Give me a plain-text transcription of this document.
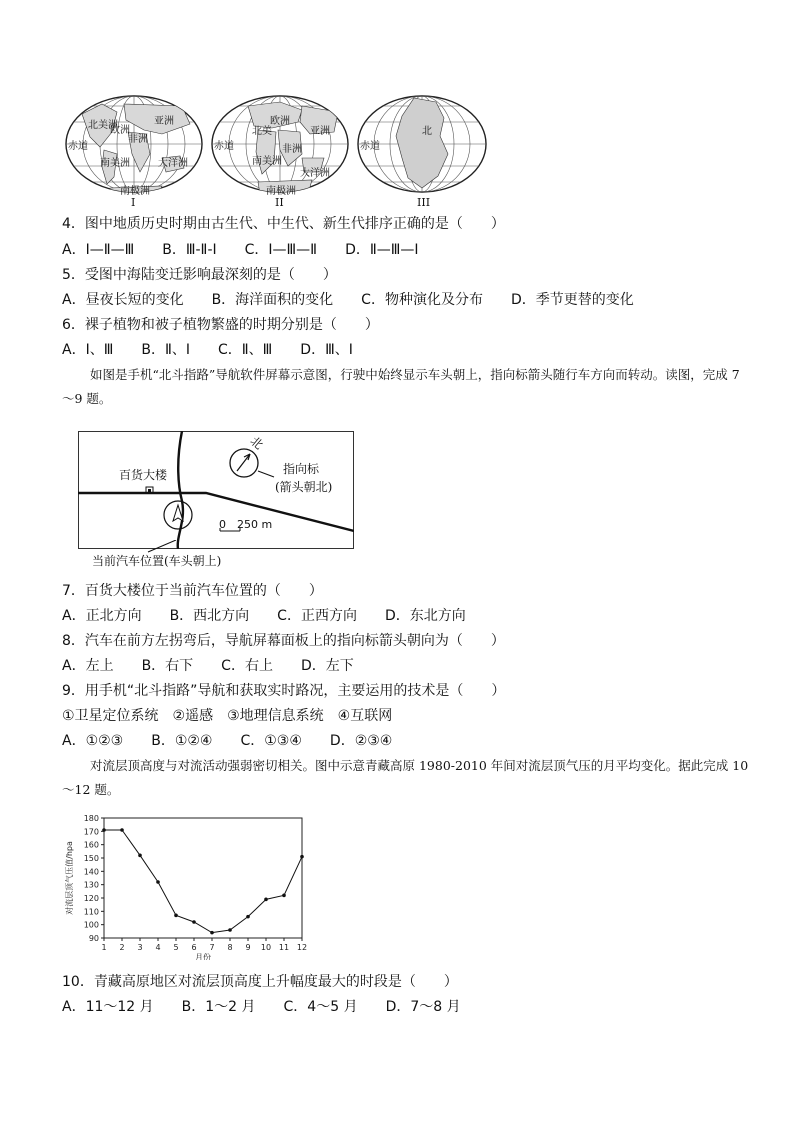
欧洲
亚洲
北美洲
非洲
南美洲	大洋洲
南极洲
赤道
欧洲
北美	亚洲
非洲
南美洲
大洋洲
南极洲
赤道	赤道
北
I	II	III
4．图中地质历史时期由古生代、中生代、新生代排序正确的是（　　）
A．Ⅰ—Ⅱ—Ⅲ　　B．Ⅲ-Ⅱ-Ⅰ　　C．Ⅰ—Ⅲ—Ⅱ　　D．Ⅱ—Ⅲ—Ⅰ
5．受图中海陆变迁影响最深刻的是（　　）
A．昼夜长短的变化　　B．海洋面积的变化　　C．物种演化及分布　　D．季节更替的变化
6．裸子植物和被子植物繁盛的时期分别是（　　）
A．Ⅰ、Ⅲ　　B．Ⅱ、Ⅰ　　C．Ⅱ、Ⅲ　　D．Ⅲ、Ⅰ
如图是手机“北斗指路”导航软件屏幕示意图，行驶中始终显示车头朝上，指向标箭头随行车方向而转动。读图，完成 7～9 题。
百货大楼
北
指向标
(箭头朝北)
0　250 m
当前汽车位置(车头朝上)
7．百货大楼位于当前汽车位置的（　　）
A．正北方向　　B．西北方向　　C．正西方向　　D．东北方向
8．汽车在前方左拐弯后，导航屏幕面板上的指向标箭头朝向为（　　）
A．左上　　B．右下　　C．右上　　D．左下
9．用手机“北斗指路”导航和获取实时路况，主要运用的技术是（　　）
①卫星定位系统　②遥感　③地理信息系统　④互联网
A．①②③　　B．①②④　　C．①③④　　D．②③④
对流层顶高度与对流活动强弱密切相关。图中示意青藏高原 1980-2010 年间对流层顶气压的月平均变化。据此完成 10～12 题。
90
100
110
120
130
140
150
160
170
180
1 2 3 4 5 6 7 8 9 10 11 12
月份
对流层顶气压值/hpa
10．青藏高原地区对流层顶高度上升幅度最大的时段是（　　）
A．11～12 月　　B．1～2 月　　C．4～5 月　　D．7～8 月
